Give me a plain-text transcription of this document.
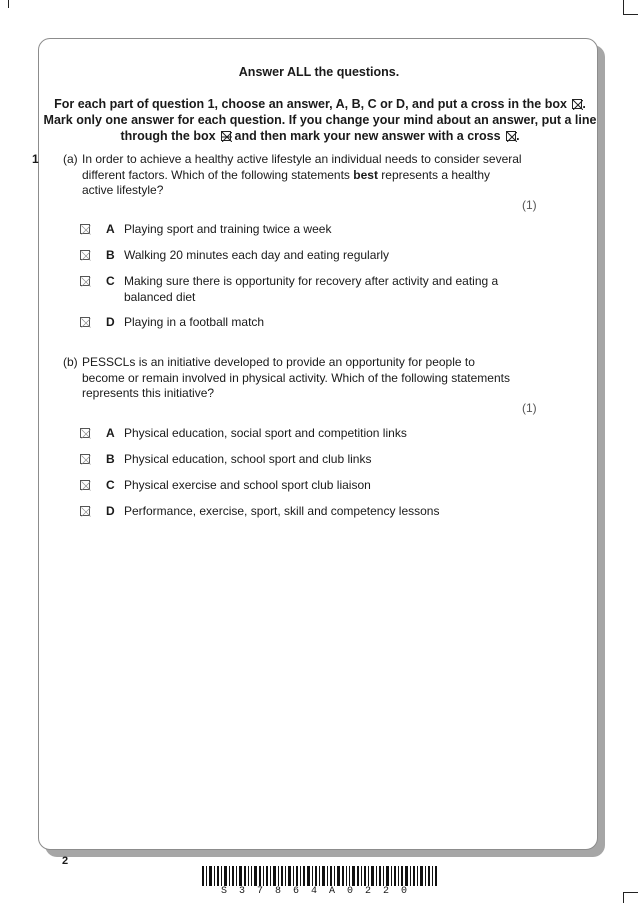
Answer ALL the questions.
For each part of question 1, choose an answer, A, B, C or D, and put a cross in the box ☒.
Mark only one answer for each question. If you change your mind about an answer, put a line
through the box and then mark your new answer with a cross ☒.
1 (a) In order to achieve a healthy active lifestyle an individual needs to consider several
different factors. Which of the following statements best represents a healthy
active lifestyle?
(1)
A Playing sport and training twice a week
B Walking 20 minutes each day and eating regularly
C Making sure there is opportunity for recovery after activity and eating a
balanced diet
D Playing in a football match
(b) PESSCLs is an initiative developed to provide an opportunity for people to
become or remain involved in physical activity. Which of the following statements
represents this initiative?
(1)
A Physical education, social sport and competition links
B Physical education, school sport and club links
C Physical exercise and school sport club liaison
D Performance, exercise, sport, skill and competency lessons
2
S37864A0220
